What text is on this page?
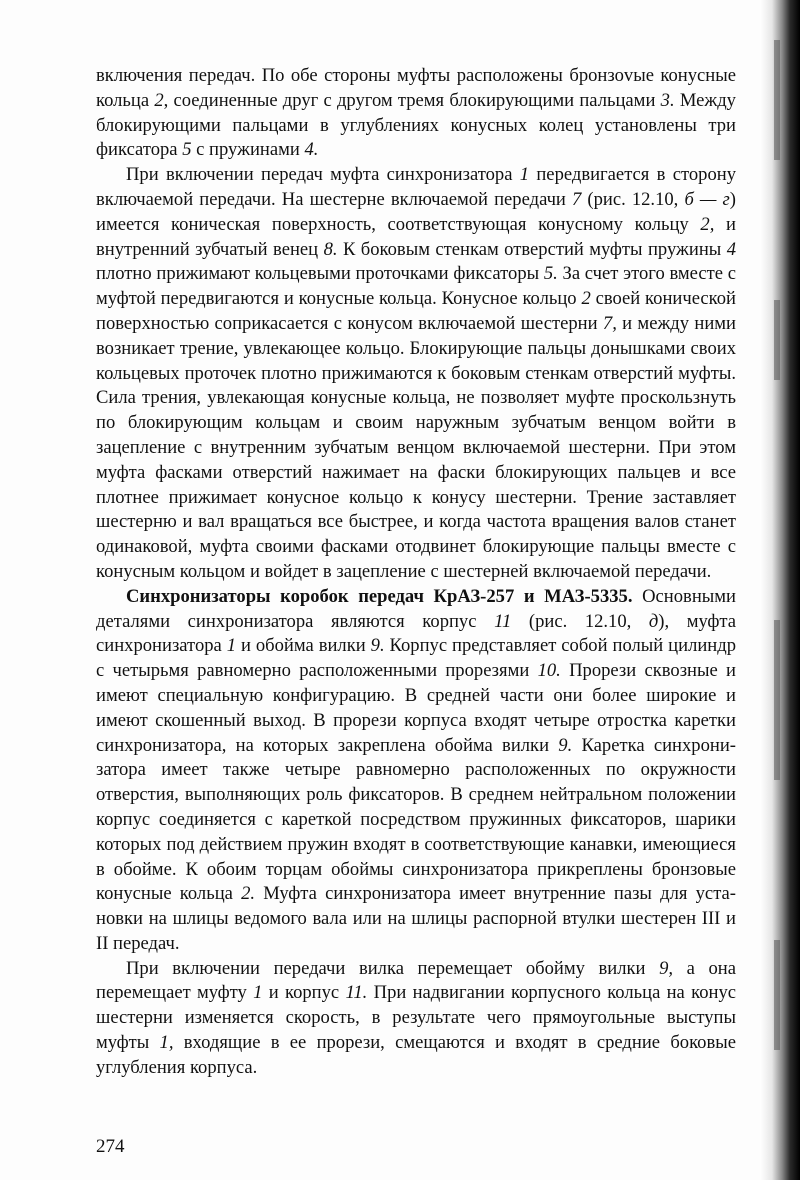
включения передач. По обе стороны муфты расположены бронзоvые конусные кольца 2, соединенные друг с другом тремя блокирующими пальцами 3. Между блокирующими пальцами в углублениях конусных колец установлены три фиксатора 5 с пружинами 4.

При включении передач муфта синхронизатора 1 передвигается в сторону включаемой передачи. На шестерне включаемой передачи 7 (рис. 12.10, б — г) имеется коническая поверхность, соответствующая конусному кольцу 2, и внутренний зубчатый венец 8. К боковым стенкам отверстий муфты пружины 4 плотно прижимают кольцевыми проточками фиксаторы 5. За счет этого вместе с муфтой передвигаются и конусные кольца. Конусное кольцо 2 своей конической поверхностью соприкасается с конусом включаемой шестерни 7, и между ними возникает трение, увлекающее кольцо. Блокирующие пальцы донышками своих кольцевых проточек плотно прижимаются к боковым стенкам отверстий муфты. Сила трения, увлекающая конусные кольца, не позволяет муфте проскользнуть по блокирующим кольцам и своим наружным зубчатым венцом войти в зацепление с внутренним зубчатым венцом включаемой шестерни. При этом муфта фасками отверстий нажимает на фаски блокирующих пальцев и все плотнее прижимает конусное кольцо к конусу шестерни. Трение заставляет шестерню и вал вращаться все быстрее, и когда частота вращения валов станет одинаковой, муфта своими фасками отодвинет блокирующие пальцы вместе с конусным кольцом и войдет в зацепление с шестерней включаемой передачи.

Синхронизаторы коробок передач КрАЗ-257 и МАЗ-5335. Основными деталями синхронизатора являются корпус 11 (рис. 12.10, д), муфта синхронизатора 1 и обойма вилки 9. Корпус представляет собой полый цилиндр с четырьмя равномерно расположенными прорезями 10. Прорези сквозные и имеют специальную конфигурацию. В средней части они более широкие и имеют скошенный выход. В прорези корпуса входят четыре отростка каретки синхронизатора, на которых закреплена обойма вилки 9. Каретка синхронизатора имеет также четыре равномерно расположенных по окружности отверстия, выполняющих роль фиксаторов. В среднем нейтральном положении корпус соединяется с кареткой посредством пружинных фиксаторов, шарики которых под действием пружин входят в соответствующие канавки, имеющиеся в обойме. К обоим торцам обоймы синхронизатора прикреплены бронзовые конусные кольца 2. Муфта синхронизатора имеет внутренние пазы для установки на шлицы ведомого вала или на шлицы распорной втулки шестерен III и II передач.

При включении передачи вилка перемещает обойму вилки 9, а она перемещает муфту 1 и корпус 11. При надвигании корпусного кольца на конус шестерни изменяется скорость, в результате чего прямоугольные выступы муфты 1, входящие в ее прорези, смещаются и входят в средние боковые углубления корпуса.

274
